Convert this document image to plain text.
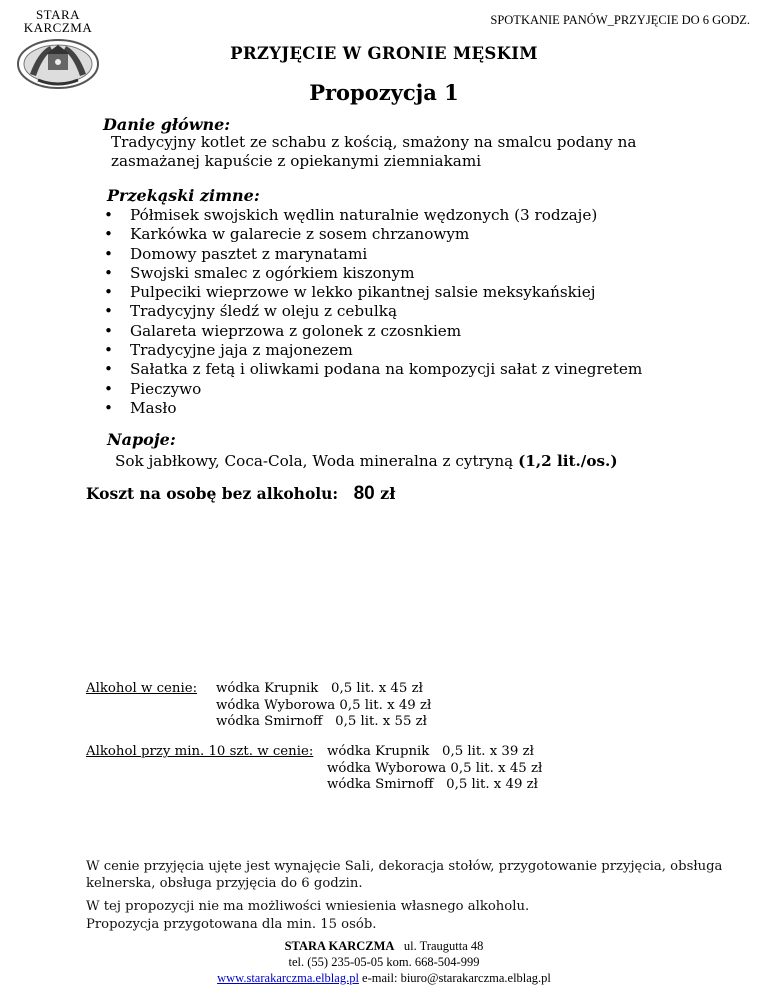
STARA
KARCZMA	SPOTKANIE PANÓW_PRZYJĘCIE DO 6 GODZ.
PRZYJĘCIE W GRONIE MĘSKIM
Propozycja 1
Danie główne:
Tradycyjny kotlet ze schabu z kością, smażony na smalcu podany na
zasmażanej kapuście z opiekanymi ziemniakami
Przekąski zimne:
• Półmisek swojskich wędlin naturalnie wędzonych (3 rodzaje)
• Karkówka w galarecie z sosem chrzanowym
• Domowy pasztet z marynatami
• Swojski smalec z ogórkiem kiszonym
• Pulpeciki wieprzowe w lekko pikantnej salsie meksykańskiej
• Tradycyjny śledź w oleju z cebulką
• Galareta wieprzowa z golonek z czosnkiem
• Tradycyjne jaja z majonezem
• Sałatka z fetą i oliwkami podana na kompozycji sałat z vinegretem
• Pieczywo
• Masło
Napoje:
Sok jabłkowy, Coca-Cola, Woda mineralna z cytryną (1,2 lit./os.)
Koszt na osobę bez alkoholu: 80 zł
Alkohol w cenie: wódka Krupnik   0,5 lit. x 45 zł
wódka Wyborowa 0,5 lit. x 49 zł
wódka Smirnoff   0,5 lit. x 55 zł
Alkohol przy min. 10 szt. w cenie: wódka Krupnik   0,5 lit. x 39 zł
wódka Wyborowa 0,5 lit. x 45 zł
wódka Smirnoff   0,5 lit. x 49 zł
W cenie przyjęcia ujęte jest wynajęcie Sali, dekoracja stołów, przygotowanie przyjęcia, obsługa
kelnerska, obsługa przyjęcia do 6 godzin.
W tej propozycji nie ma możliwości wniesienia własnego alkoholu.
Propozycja przygotowana dla min. 15 osób.
STARA KARCZMA ul. Traugutta 48
tel. (55) 235-05-05 kom. 668-504-999
www.starakarczma.elblag.pl e-mail: biuro@starakarczma.elblag.pl
